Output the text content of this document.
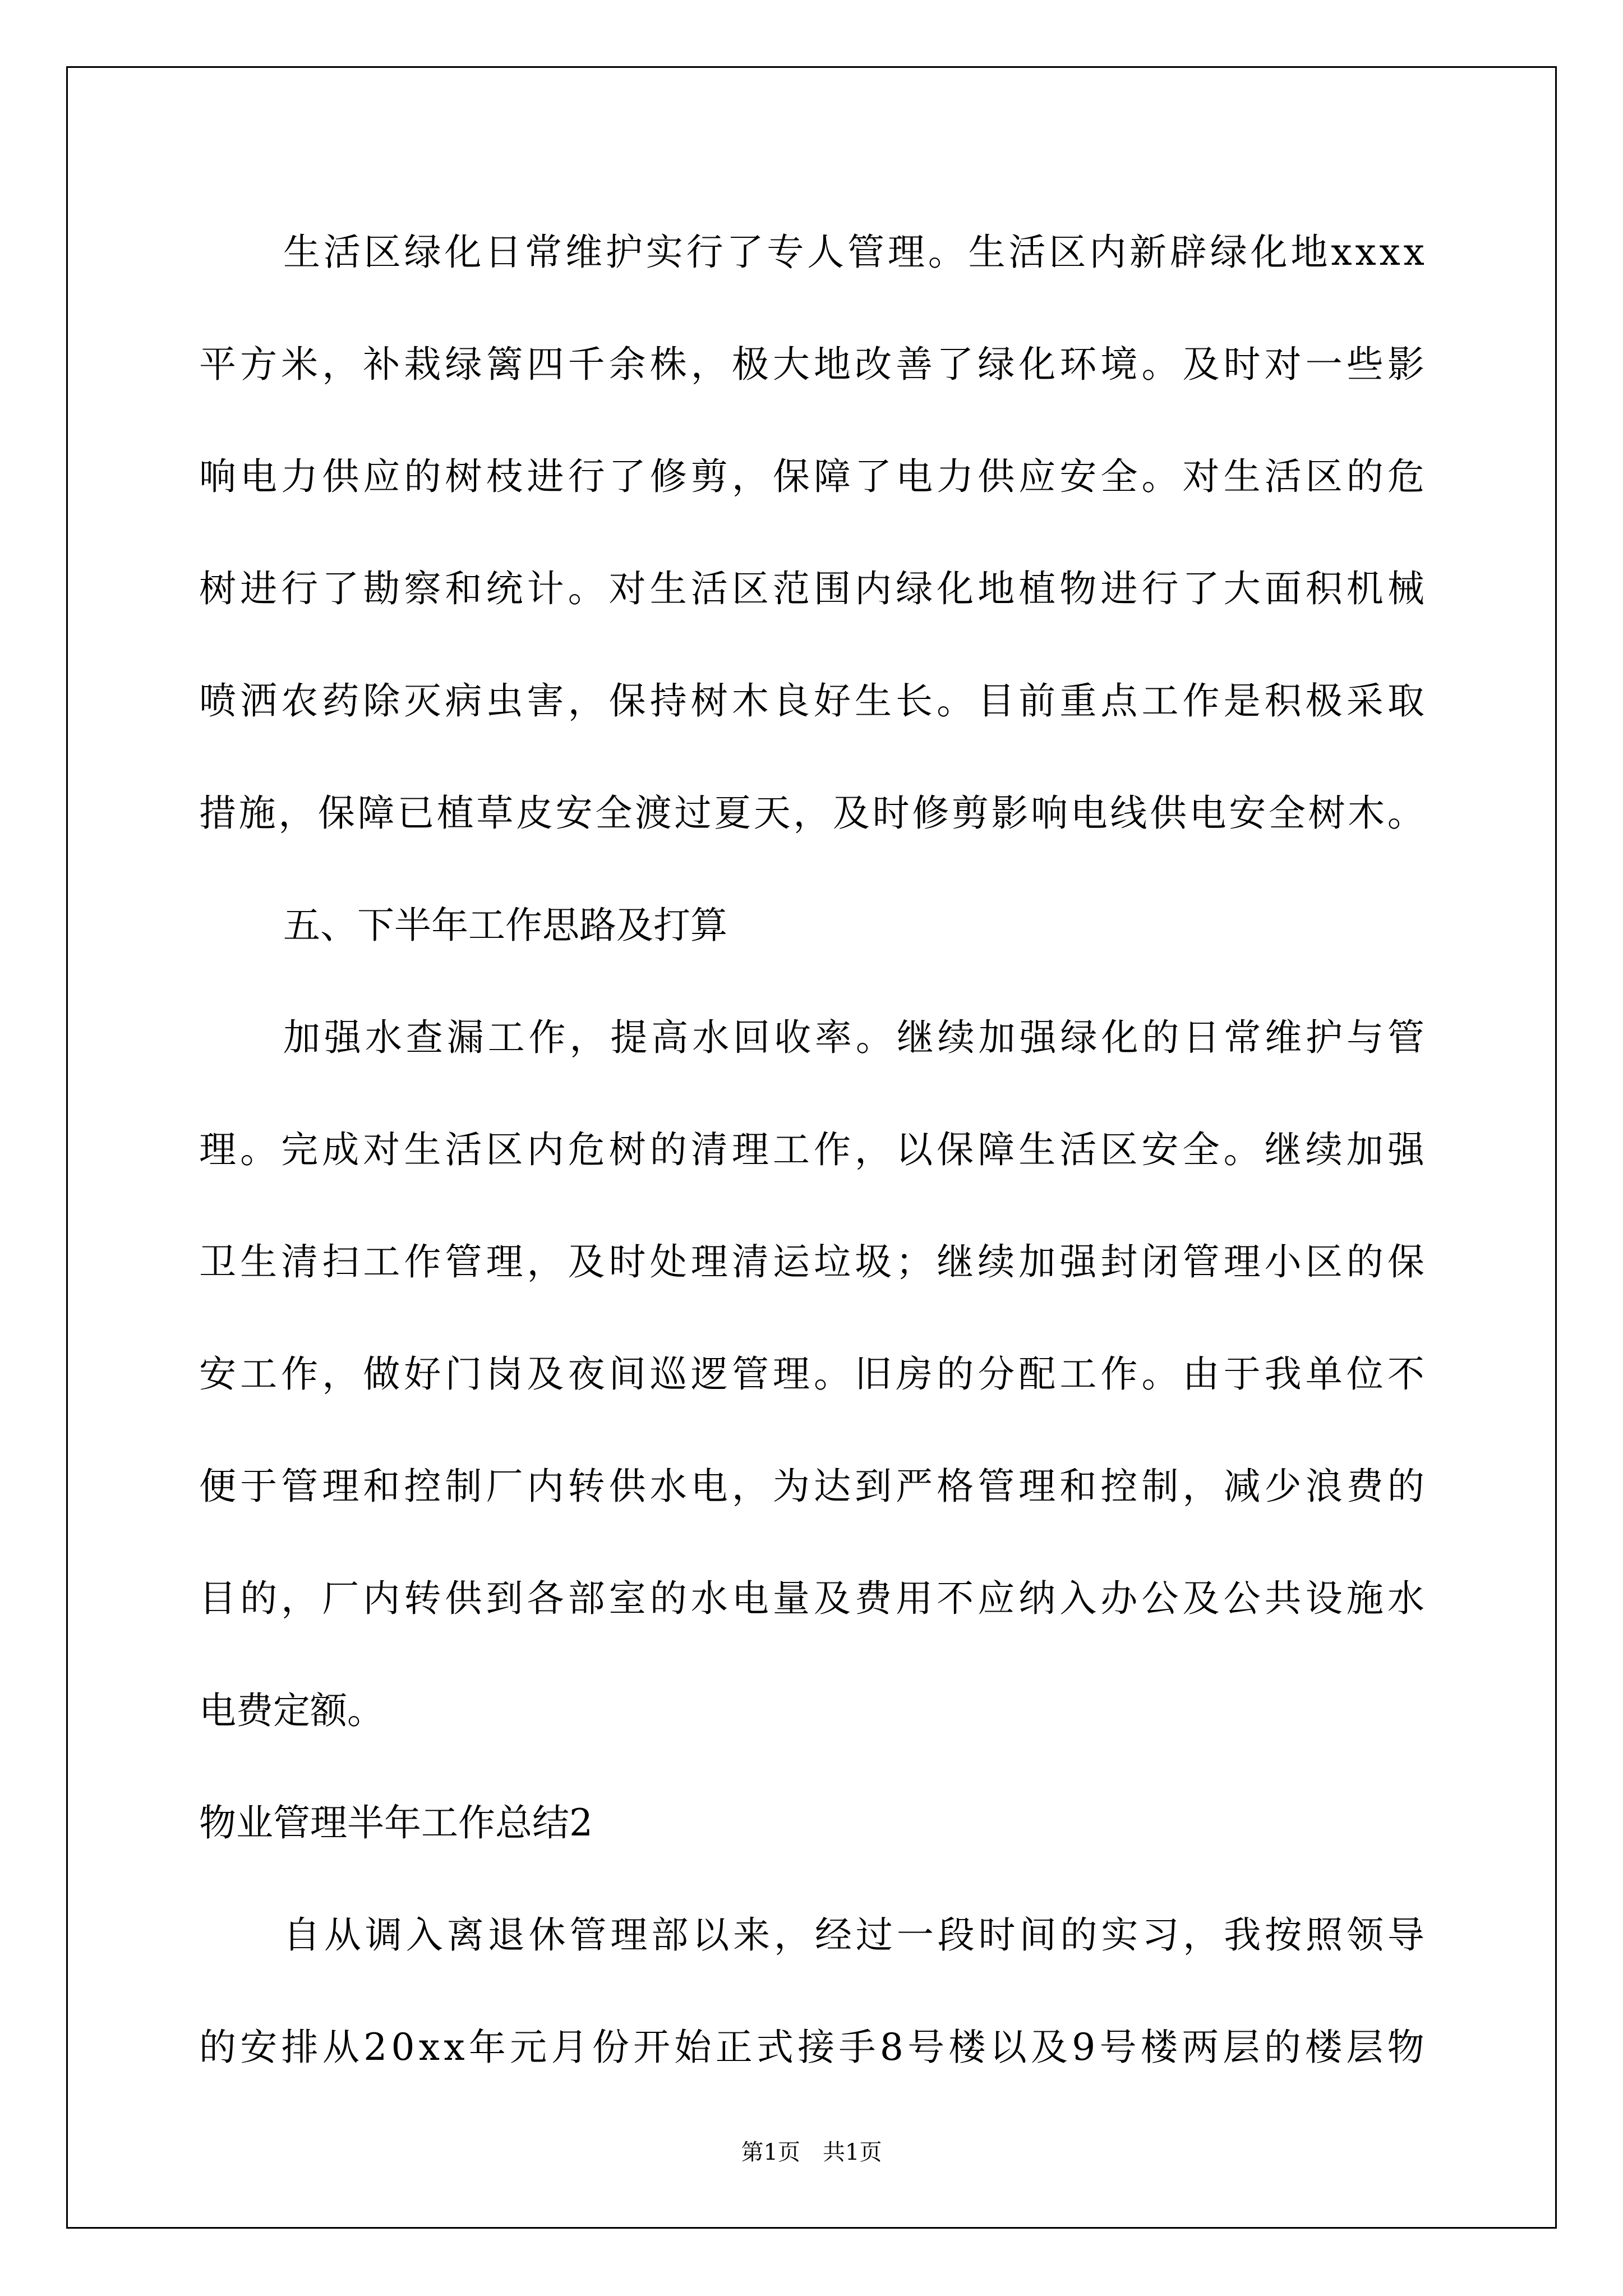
生 活 区 绿 化 日 常 维 护 实 行 了 专 人 管 理 。 生 活 区 内 新 辟 绿 化 地 x x x x
平 方 米 ， 补 栽 绿 篱 四 千 余 株 ， 极 大 地 改 善 了 绿 化 环 境 。 及 时 对 一 些 影
响 电 力 供 应 的 树 枝 进 行 了 修 剪 ， 保 障 了 电 力 供 应 安 全 。 对 生 活 区 的 危
树 进 行 了 勘 察 和 统 计 。 对 生 活 区 范 围 内 绿 化 地 植 物 进 行 了 大 面 积 机 械
喷 洒 农 药 除 灭 病 虫 害 ， 保 持 树 木 良 好 生 长 。 目 前 重 点 工 作 是 积 极 采 取
措 施 ， 保 障 已 植 草 皮 安 全 渡 过 夏 天 ， 及 时 修 剪 影 响 电 线 供 电 安 全 树 木 。
五、下半年工作思路及打算
加 强 水 查 漏 工 作 ， 提 高 水 回 收 率 。 继 续 加 强 绿 化 的 日 常 维 护 与 管
理 。 完 成 对 生 活 区 内 危 树 的 清 理 工 作 ， 以 保 障 生 活 区 安 全 。 继 续 加 强
卫 生 清 扫 工 作 管 理 ， 及 时 处 理 清 运 垃 圾 ； 继 续 加 强 封 闭 管 理 小 区 的 保
安 工 作 ， 做 好 门 岗 及 夜 间 巡 逻 管 理 。 旧 房 的 分 配 工 作 。 由 于 我 单 位 不
便 于 管 理 和 控 制 厂 内 转 供 水 电 ， 为 达 到 严 格 管 理 和 控 制 ， 减 少 浪 费 的
目 的 ， 厂 内 转 供 到 各 部 室 的 水 电 量 及 费 用 不 应 纳 入 办 公 及 公 共 设 施 水
电费定额。
物业管理半年工作总结2
自 从 调 入 离 退 休 管 理 部 以 来 ， 经 过 一 段 时 间 的 实 习 ， 我 按 照 领 导
的 安 排 从 2 0 x x 年 元 月 份 开 始 正 式 接 手 8 号 楼 以 及 9 号 楼 两 层 的 楼 层 物
第1页　共1页
